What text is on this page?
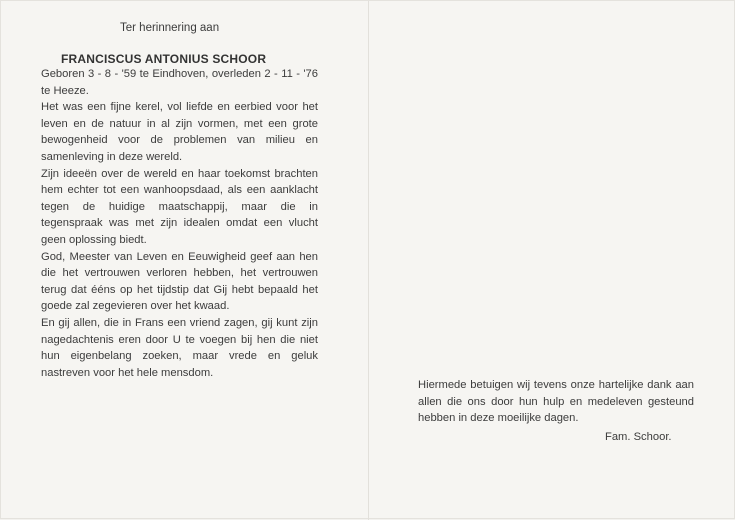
Ter herinnering aan
FRANCISCUS ANTONIUS SCHOOR

Geboren 3 - 8 - '59 te Eindhoven, overleden 2 - 11 - '76 te Heeze.

Het was een fijne kerel, vol liefde en eerbied voor het leven en de natuur in al zijn vormen, met een grote bewogenheid voor de problemen van milieu en samenleving in deze wereld.

Zijn ideeën over de wereld en haar toekomst brachten hem echter tot een wanhoopsdaad, als een aanklacht tegen de huidige maatschappij, maar die in tegenspraak was met zijn idealen omdat een vlucht geen oplossing biedt.

God, Meester van Leven en Eeuwigheid geef aan hen die het vertrouwen verloren hebben, het vertrouwen terug dat ééns op het tijdstip dat Gij hebt bepaald het goede zal zegevieren over het kwaad.

En gij allen, die in Frans een vriend zagen, gij kunt zijn nagedachtenis eren door U te voegen bij hen die niet hun eigenbelang zoeken, maar vrede en geluk nastreven voor het hele mensdom.

Hiermede betuigen wij tevens onze hartelijke dank aan allen die ons door hun hulp en medeleven gesteund hebben in deze moeilijke dagen.

Fam. Schoor.
